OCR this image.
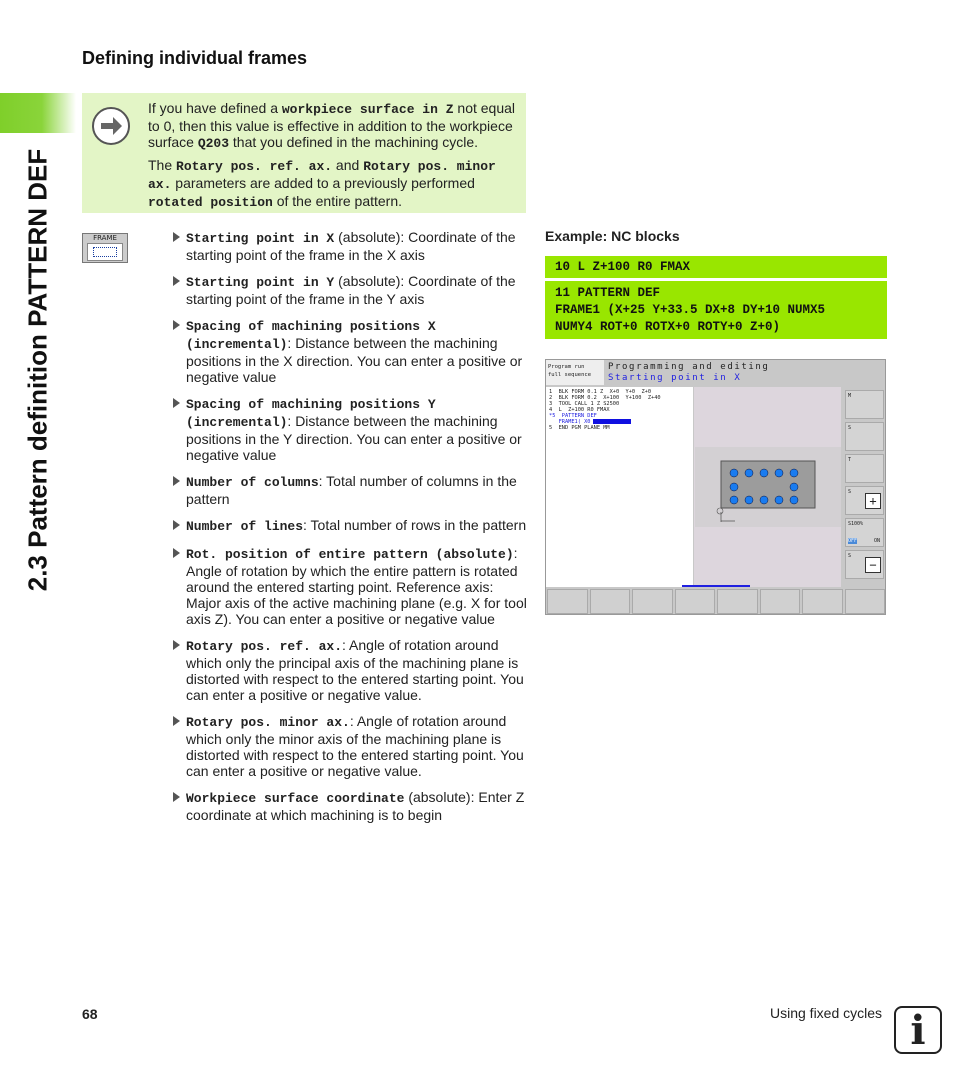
2.3 Pattern definition PATTERN DEF
Defining individual frames

If you have defined a workpiece surface in Z not equal to 0, then this value is effective in addition to the workpiece surface Q203 that you defined in the machining cycle.

The Rotary pos. ref. ax. and Rotary pos. minor ax. parameters are added to a previously performed rotated position of the entire pattern.

FRAME	Starting point in X (absolute): Coordinate of the starting point of the frame in the X axis
Starting point in Y (absolute): Coordinate of the starting point of the frame in the Y axis
Spacing of machining positions X (incremental): Distance between the machining positions in the X direction. You can enter a positive or negative value
Spacing of machining positions Y (incremental): Distance between the machining positions in the Y direction. You can enter a positive or negative value
Number of columns: Total number of columns in the pattern
Number of lines: Total number of rows in the pattern
Rot. position of entire pattern (absolute): Angle of rotation by which the entire pattern is rotated around the entered starting point. Reference axis: Major axis of the active machining plane (e.g. X for tool axis Z). You can enter a positive or negative value
Rotary pos. ref. ax.: Angle of rotation around which only the principal axis of the machining plane is distorted with respect to the entered starting point. You can enter a positive or negative value.
Rotary pos. minor ax.: Angle of rotation around which only the minor axis of the machining plane is distorted with respect to the entered starting point. You can enter a positive or negative value.
Workpiece surface coordinate (absolute): Enter Z coordinate at which machining is to begin
Example: NC blocks
10 L Z+100 R0 FMAX
11 PATTERN DEF
FRAME1 (X+25 Y+33.5 DX+8 DY+10 NUMX5
NUMY4 ROT+0 ROTX+0 ROTY+0 Z+0)
Program run
full sequence
Programming and editing
Starting point in X
1  BLK FORM 0.1 Z  X+0  Y+0  Z+0
2  BLK FORM 0.2  X+100  Y+100  Z+40
3  TOOL CALL 1 Z S2500
4  L  Z+100 R0 FMAX
*5  PATTERN DEF
FRAME1( X0
5  END PGM PLANE MM
M
S
T
S
+
S100%
OFF	ON
S
−
68	Using fixed cycles i
